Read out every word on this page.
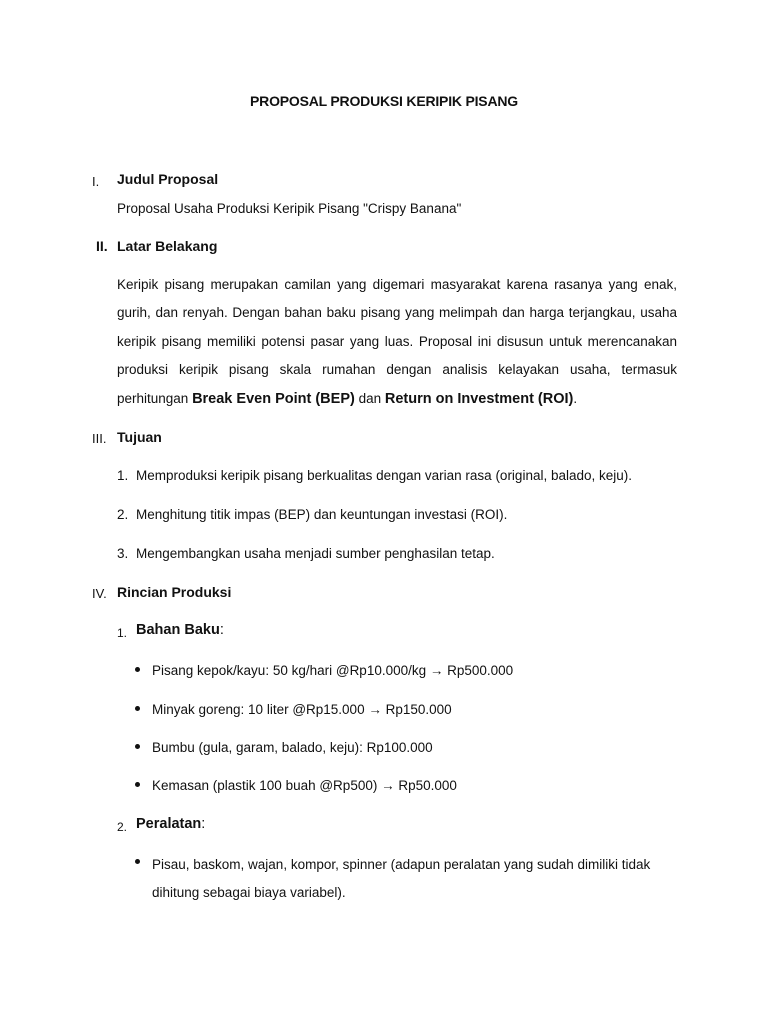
PROPOSAL PRODUKSI KERIPIK PISANG
I. Judul Proposal
Proposal Usaha Produksi Keripik Pisang "Crispy Banana"
II. Latar Belakang
Keripik pisang merupakan camilan yang digemari masyarakat karena rasanya yang enak, gurih, dan renyah. Dengan bahan baku pisang yang melimpah dan harga terjangkau, usaha keripik pisang memiliki potensi pasar yang luas. Proposal ini disusun untuk merencanakan produksi keripik pisang skala rumahan dengan analisis kelayakan usaha, termasuk perhitungan Break Even Point (BEP) dan Return on Investment (ROI).
III. Tujuan
1. Memproduksi keripik pisang berkualitas dengan varian rasa (original, balado, keju).
2. Menghitung titik impas (BEP) dan keuntungan investasi (ROI).
3. Mengembangkan usaha menjadi sumber penghasilan tetap.
IV. Rincian Produksi
1. Bahan Baku:
Pisang kepok/kayu: 50 kg/hari @Rp10.000/kg → Rp500.000
Minyak goreng: 10 liter @Rp15.000 → Rp150.000
Bumbu (gula, garam, balado, keju): Rp100.000
Kemasan (plastik 100 buah @Rp500) → Rp50.000
2. Peralatan:
Pisau, baskom, wajan, kompor, spinner (adapun peralatan yang sudah dimiliki tidak dihitung sebagai biaya variabel).
